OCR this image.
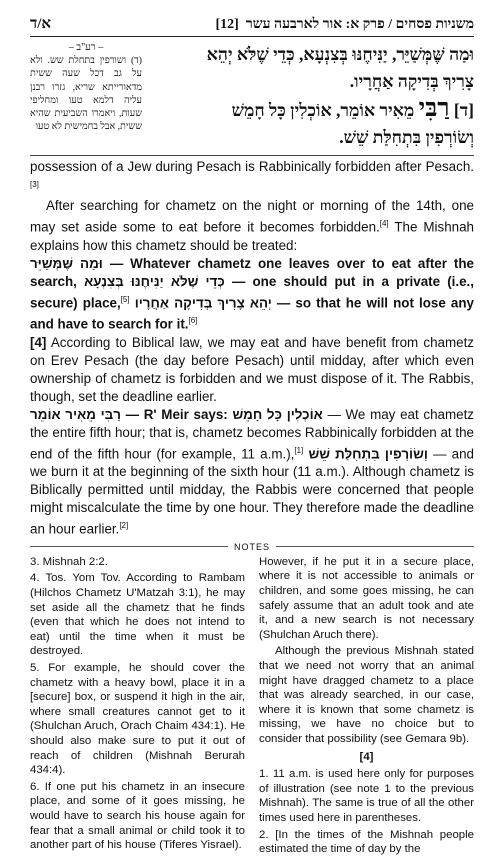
א/ד	משניות פסחים / פרק א: אור לארבעה עשר  [12]
– רע"ב –
(ד) ושורפין בתחלת שש. ולא על גב דכל שעה ששית מדאורייתא שריא, גזרו רבנן עליה דלמא טעו ומחליפי שעות, ויאמרו השביעית שהיא ששית, אבל בחמישית לא טעו
וּמַה שֶּׁמְּשַׁיֵּר, יַנִּיחֶנּוּ בְּצִנְעָא, כְּדֵי שֶׁלֹּא יְהֵא
צָרִיךְ בְּדִיקָה אַחֲרָיו.
[ד] רַבִּי מֵאִיר אוֹמֵר, אוֹכְלִין כָּל חָמֵשׁ
וְשׂוֹרְפִין בִּתְחִלַּת שֵׁשׁ.

possession of a Jew during Pesach is Rabbinically forbidden after Pesach.[3]

After searching for chametz on the night or morning of the 14th, one may set aside some to eat before it becomes forbidden.[4] The Mishnah explains how this chametz should be treated:

וּמַה שֶּׁמְּשַׁיֵּר — Whatever chametz one leaves over to eat after the search,	כְּדֵי שֶׁלֹּא יַנִּיחֶנּוּ בְּצִנְעָא	— one should put in a private (i.e., secure) place,[5] יְהֵא צָרִיךְ בְּדִיקָה אַחֲרָיו — so that he will not lose any and have to search for it.[6]

[4] According to Biblical law, we may eat and have benefit from chametz on Erev Pesach (the day before Pesach) until midday, after which even ownership of chametz is forbidden and we must dispose of it. The Rabbis, though, set the deadline earlier.

רַבִּי מֵאִיר אוֹמֵר — R' Meir says: אוֹכְלִין כָּל חָמֵשׁ — We may eat chametz the entire fifth hour; that is, chametz becomes Rabbinically forbidden at the end of the fifth hour (for example, 11 a.m.),[1] וְשׂוֹרְפִין בִּתְחִלַּת שֵׁשׁ — and we burn it at the beginning of the sixth hour (11 a.m.). Although chametz is Biblically permitted until midday, the Rabbis were concerned that people might miscalculate the time by one hour. They therefore made the deadline an hour earlier.[2]

NOTES

3. Mishnah 2:2.

4. Tos. Yom Tov. According to Rambam (Hilchos Chametz U'Matzah 3:1), he may set aside all the chametz that he finds (even that which he does not intend to eat) until the time when it must be destroyed.

5. For example, he should cover the chametz with a heavy bowl, place it in a [secure] box, or suspend it high in the air, where small creatures cannot get to it (Shulchan Aruch, Orach Chaim 434:1). He should also make sure to put it out of reach of children (Mishnah Berurah 434:4).

6. If one put his chametz in an insecure place, and some of it goes missing, he would have to search his house again for fear that a small animal or child took it to another part of his house (Tiferes Yisrael).

However, if he put it in a secure place, where it is not accessible to animals or children, and some goes missing, he can safely assume that an adult took and ate it, and a new search is not necessary (Shulchan Aruch there).

Although the previous Mishnah stated that we need not worry that an animal might have dragged chametz to a place that was already searched, in our case, where it is known that some chametz is missing, we have no choice but to consider that possibility (see Gemara 9b).

[4]

1. 11 a.m. is used here only for purposes of illustration (see note 1 to the previous Mishnah). The same is true of all the other times used here in parentheses.

2. [In the times of the Mishnah people estimated the time of day by the
